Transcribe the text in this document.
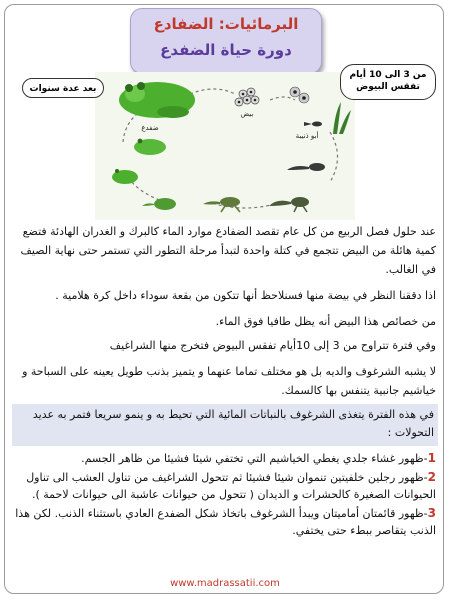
البرمائيات: الضفادع
دورة حياة الضفدع
ضفدع
بيض
أبو ذنيبة
بعد عدة سنوات
من 3 الى 10 أيام تفقس البيوض
عند حلول فصل الربيع من كل عام تقصد الضفادع موارد الماء كالبرك و الغدران الهادئة فتضع كمية هائلة من البيض تتجمع في كتلة واحدة لتبدأ مرحلة التطور التي تستمر حتى نهاية الصيف في الغالب.
اذا دققنا النظر في بيضة منها فسنلاحظ أنها تتكون من بقعة سوداء داخل كرة هلامية .
من خصائص هذا البيض أنه يظل طافيا فوق الماء.
وفي فترة تتراوح من 3 إلى 10أيام تفقس البيوض فتخرج منها الشراغيف
لا يشبه الشرغوف والديه بل هو مختلف تماما عنهما و يتميز بذنب طويل يعينه على السباحة و خياشيم جانبية يتنفس بها كالسمك.
في هذه الفترة يتغذى الشرغوف بالنباتات المائية التي تحيط به و ينمو سريعا فتمر به عديد التحولات :
1-ظهور غشاء جلدي يغطي الخياشيم التي تختفي شيئا فشيئا من ظاهر الجسم.
2-ظهور رجلين خلفيتين تنموان شيئا فشيئا ثم تتحول الشراغيف من تناول العشب الى تناول الحيوانات الصغيرة كالحشرات و الديدان ( تتحول من حيوانات عاشبة الى حيوانات لاحمة ).
3-ظهور قائمتان أماميتان ويبدأ الشرغوف باتخاذ شكل الضفدع العادي باستثناء الذنب. لكن هذا الذنب يتقاصر ببطء حتى يختفي.
www.madrassatii.com
